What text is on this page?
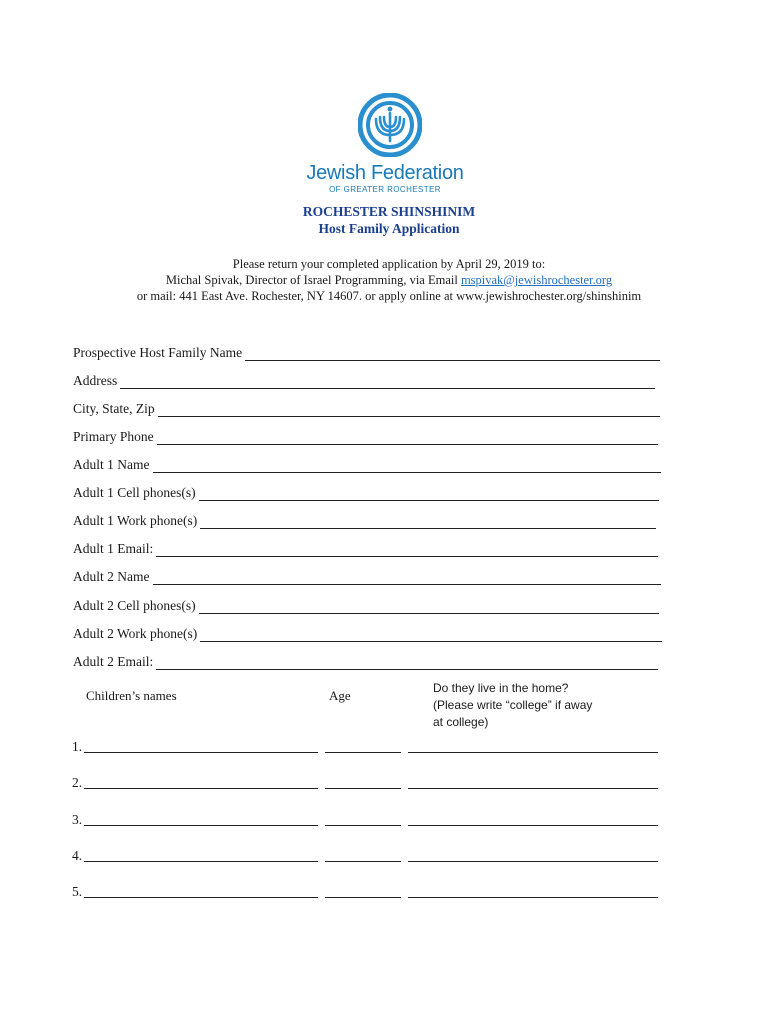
Jewish Federation
OF GREATER ROCHESTER
ROCHESTER SHINSHINIM
Host Family Application
Please return your completed application by April 29, 2019 to:
Michal Spivak, Director of Israel Programming, via Email mspivak@jewishrochester.org
or mail: 441 East Ave. Rochester, NY 14607. or apply online at www.jewishrochester.org/shinshinim
Prospective Host Family Name
Address
City, State, Zip
Primary Phone
Adult 1 Name
Adult 1 Cell phones(s)
Adult 1 Work phone(s)
Adult 1 Email:
Adult 2 Name
Adult 2 Cell phones(s)
Adult 2 Work phone(s)
Adult 2 Email:
Children’s names	Age	Do they live in the home?
(Please write “college” if away
at college)
1.
2.
3.
4.
5.
